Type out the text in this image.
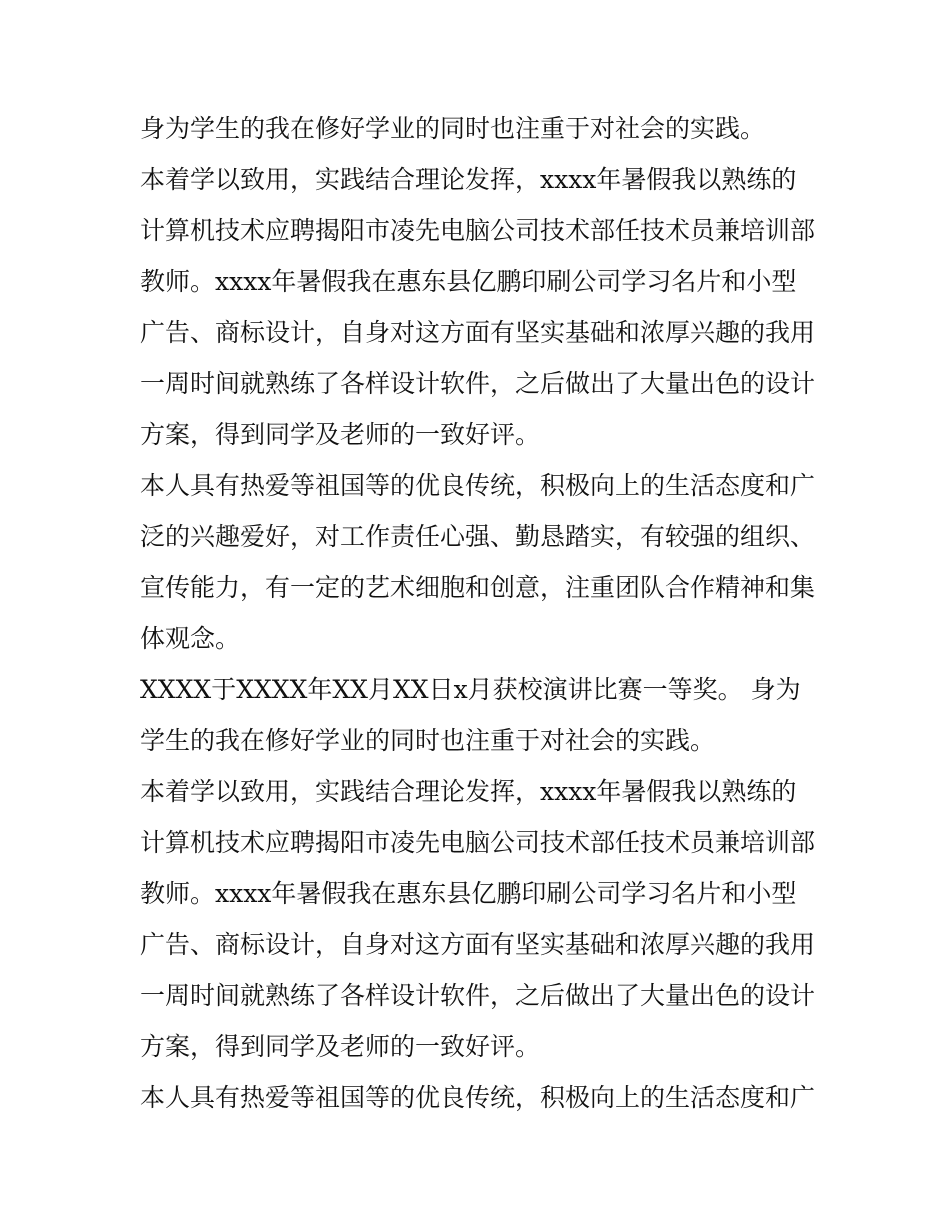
身为学生的我在修好学业的同时也注重于对社会的实践。
本着学以致用，实践结合理论发挥，xxxx年暑假我以熟练的
计算机技术应聘揭阳市凌先电脑公司技术部任技术员兼培训部
教师。xxxx年暑假我在惠东县亿鹏印刷公司学习名片和小型
广告、商标设计，自身对这方面有坚实基础和浓厚兴趣的我用
一周时间就熟练了各样设计软件，之后做出了大量出色的设计
方案，得到同学及老师的一致好评。
本人具有热爱等祖国等的优良传统，积极向上的生活态度和广
泛的兴趣爱好，对工作责任心强、勤恳踏实，有较强的组织、
宣传能力，有一定的艺术细胞和创意，注重团队合作精神和集
体观念。
XXXX于XXXX年XX月XX日x月获校演讲比赛一等奖。 身为
学生的我在修好学业的同时也注重于对社会的实践。
本着学以致用，实践结合理论发挥，xxxx年暑假我以熟练的
计算机技术应聘揭阳市凌先电脑公司技术部任技术员兼培训部
教师。xxxx年暑假我在惠东县亿鹏印刷公司学习名片和小型
广告、商标设计，自身对这方面有坚实基础和浓厚兴趣的我用
一周时间就熟练了各样设计软件，之后做出了大量出色的设计
方案，得到同学及老师的一致好评。
本人具有热爱等祖国等的优良传统，积极向上的生活态度和广
